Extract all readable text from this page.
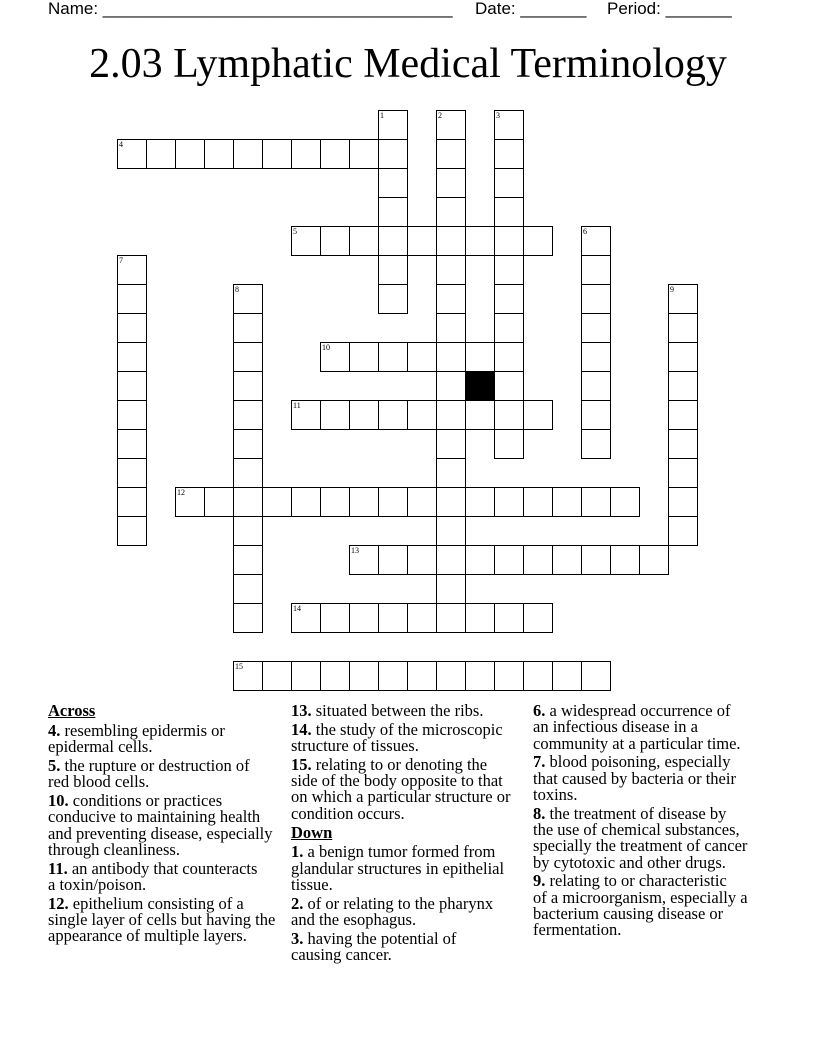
Name: _____________________________________ Date: _______ Period: _______
2.03 Lymphatic Medical Terminology
4
5
10
11
12
13
14
15
1	2	3
6
7
8	9
Across
4. resembling epidermis or
epidermal cells.
5. the rupture or destruction of
red blood cells.
10. conditions or practices
conducive to maintaining health
and preventing disease, especially
through cleanliness.
11. an antibody that counteracts
a toxin/poison.
12. epithelium consisting of a
single layer of cells but having the
appearance of multiple layers.
13. situated between the ribs.
14. the study of the microscopic
structure of tissues.
15. relating to or denoting the
side of the body opposite to that
on which a particular structure or
condition occurs.
Down
1. a benign tumor formed from
glandular structures in epithelial
tissue.
2. of or relating to the pharynx
and the esophagus.
3. having the potential of
causing cancer.
6. a widespread occurrence of
an infectious disease in a
community at a particular time.
7. blood poisoning, especially
that caused by bacteria or their
toxins.
8. the treatment of disease by
the use of chemical substances,
specially the treatment of cancer
by cytotoxic and other drugs.
9. relating to or characteristic
of a microorganism, especially a
bacterium causing disease or
fermentation.
